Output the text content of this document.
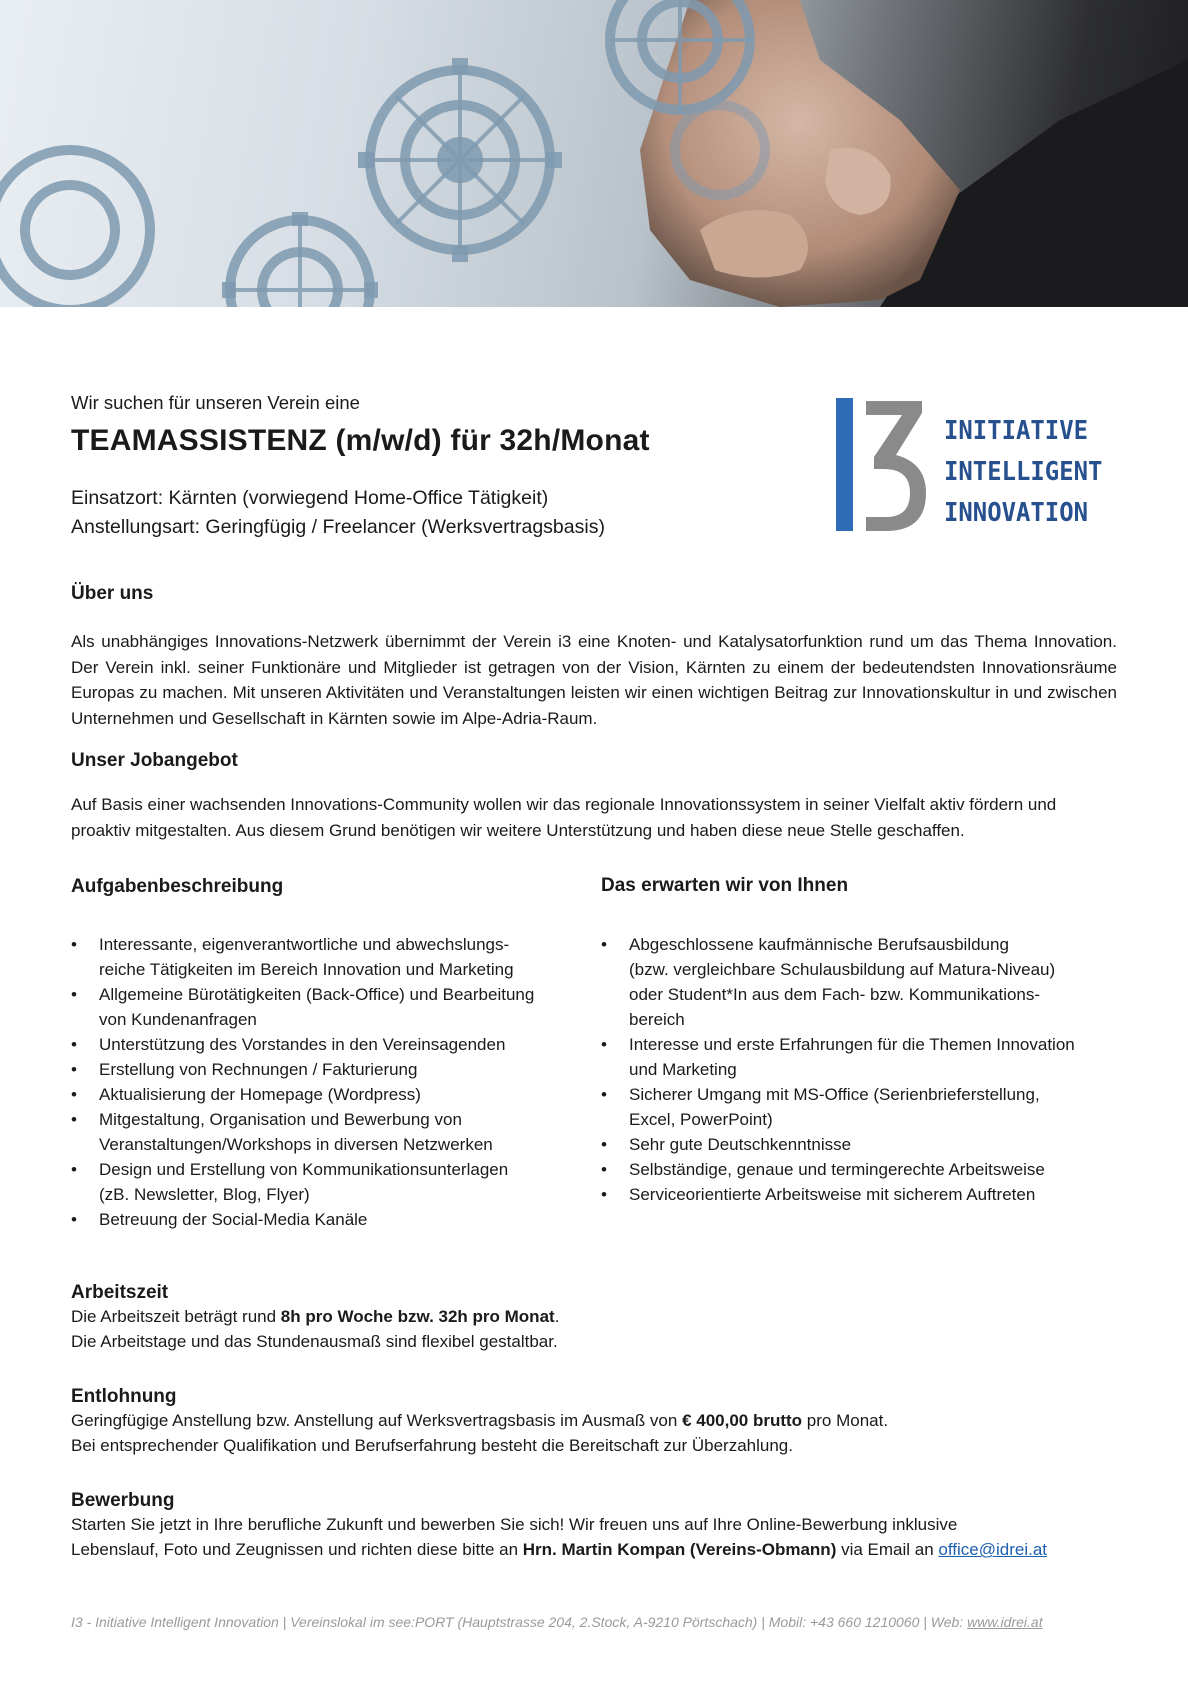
Wir suchen für unseren Verein eine
TEAMASSISTENZ (m/w/d) für 32h/Monat
Einsatzort: Kärnten (vorwiegend Home-Office Tätigkeit)
Anstellungsart: Geringfügig / Freelancer (Werksvertragsbasis)
INITIATIVE
INTELLIGENT
INNOVATION
Über uns

Als unabhängiges Innovations-Netzwerk übernimmt der Verein i3 eine Knoten- und Katalysatorfunktion rund um das Thema Innovation. Der Verein inkl. seiner Funktionäre und Mitglieder ist getragen von der Vision, Kärnten zu einem der bedeutendsten Innovationsräume Europas zu machen. Mit unseren Aktivitäten und Veranstaltungen leisten wir einen wichtigen Beitrag zur Innovationskultur in und zwischen Unternehmen und Gesellschaft in Kärnten sowie im Alpe-Adria-Raum.

Unser Jobangebot

Auf Basis einer wachsenden Innovations-Community wollen wir das regionale Innovationssystem in seiner Vielfalt aktiv fördern und proaktiv mitgestalten. Aus diesem Grund benötigen wir weitere Unterstützung und haben diese neue Stelle geschaffen.

Aufgabenbeschreibung
• Interessante, eigenverantwortliche und abwechslungs-
reiche Tätigkeiten im Bereich Innovation und Marketing
• Allgemeine Bürotätigkeiten (Back-Office) und Bearbeitung
von Kundenanfragen
• Unterstützung des Vorstandes in den Vereinsagenden
• Erstellung von Rechnungen / Fakturierung
• Aktualisierung der Homepage (Wordpress)
• Mitgestaltung, Organisation und Bewerbung von
Veranstaltungen/Workshops in diversen Netzwerken
• Design und Erstellung von Kommunikationsunterlagen
(zB. Newsletter, Blog, Flyer)
• Betreuung der Social-Media Kanäle
Das erwarten wir von Ihnen
• Abgeschlossene kaufmännische Berufsausbildung
(bzw. vergleichbare Schulausbildung auf Matura-Niveau)
oder Student*In aus dem Fach- bzw. Kommunikations-
bereich
• Interesse und erste Erfahrungen für die Themen Innovation
und Marketing
• Sicherer Umgang mit MS-Office (Serienbrieferstellung,
Excel, PowerPoint)
• Sehr gute Deutschkenntnisse
• Selbständige, genaue und termingerechte Arbeitsweise
• Serviceorientierte Arbeitsweise mit sicherem Auftreten
Arbeitszeit
Die Arbeitszeit beträgt rund 8h pro Woche bzw. 32h pro Monat.
Die Arbeitstage und das Stundenausmaß sind flexibel gestaltbar.
Entlohnung
Geringfügige Anstellung bzw. Anstellung auf Werksvertragsbasis im Ausmaß von € 400,00 brutto pro Monat.
Bei entsprechender Qualifikation und Berufserfahrung besteht die Bereitschaft zur Überzahlung.
Bewerbung
Starten Sie jetzt in Ihre berufliche Zukunft und bewerben Sie sich! Wir freuen uns auf Ihre Online-Bewerbung inklusive
Lebenslauf, Foto und Zeugnissen und richten diese bitte an Hrn. Martin Kompan (Vereins-Obmann) via Email an office@idrei.at
I3 - Initiative Intelligent Innovation | Vereinslokal im see:PORT (Hauptstrasse 204, 2.Stock, A-9210 Pörtschach) | Mobil: +43 660 1210060 | Web: www.idrei.at
